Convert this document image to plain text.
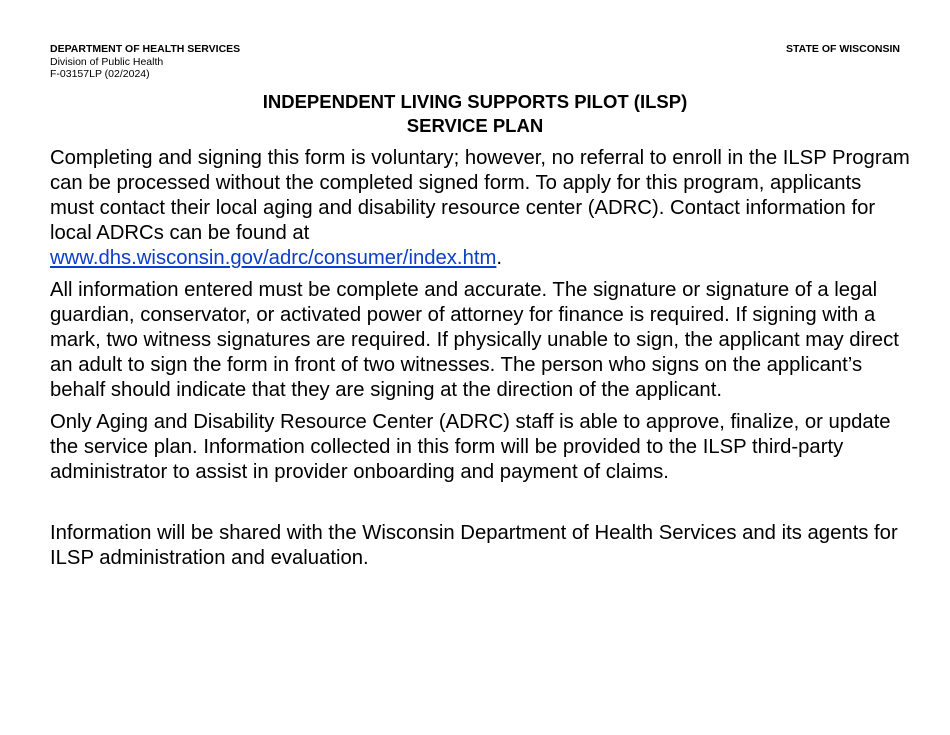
DEPARTMENT OF HEALTH SERVICES
Division of Public Health
F-03157LP (02/2024)
STATE OF WISCONSIN
INDEPENDENT LIVING SUPPORTS PILOT (ILSP)
SERVICE PLAN

Completing and signing this form is voluntary; however, no referral to enroll in the ILSP Program can be processed without the completed signed form. To apply for this program, applicants must contact their local aging and disability resource center (ADRC). Contact information for local ADRCs can be found at
www.dhs.wisconsin.gov/adrc/consumer/index.htm.

All information entered must be complete and accurate. The signature or signature of a legal guardian, conservator, or activated power of attorney for finance is required. If signing with a mark, two witness signatures are required. If physically unable to sign, the applicant may direct an adult to sign the form in front of two witnesses. The person who signs on the applicant’s behalf should indicate that they are signing at the direction of the applicant.

Only Aging and Disability Resource Center (ADRC) staff is able to approve, finalize, or update the service plan. Information collected in this form will be provided to the ILSP third-party administrator to assist in provider onboarding and payment of claims.

Information will be shared with the Wisconsin Department of Health Services and its agents for ILSP administration and evaluation.
